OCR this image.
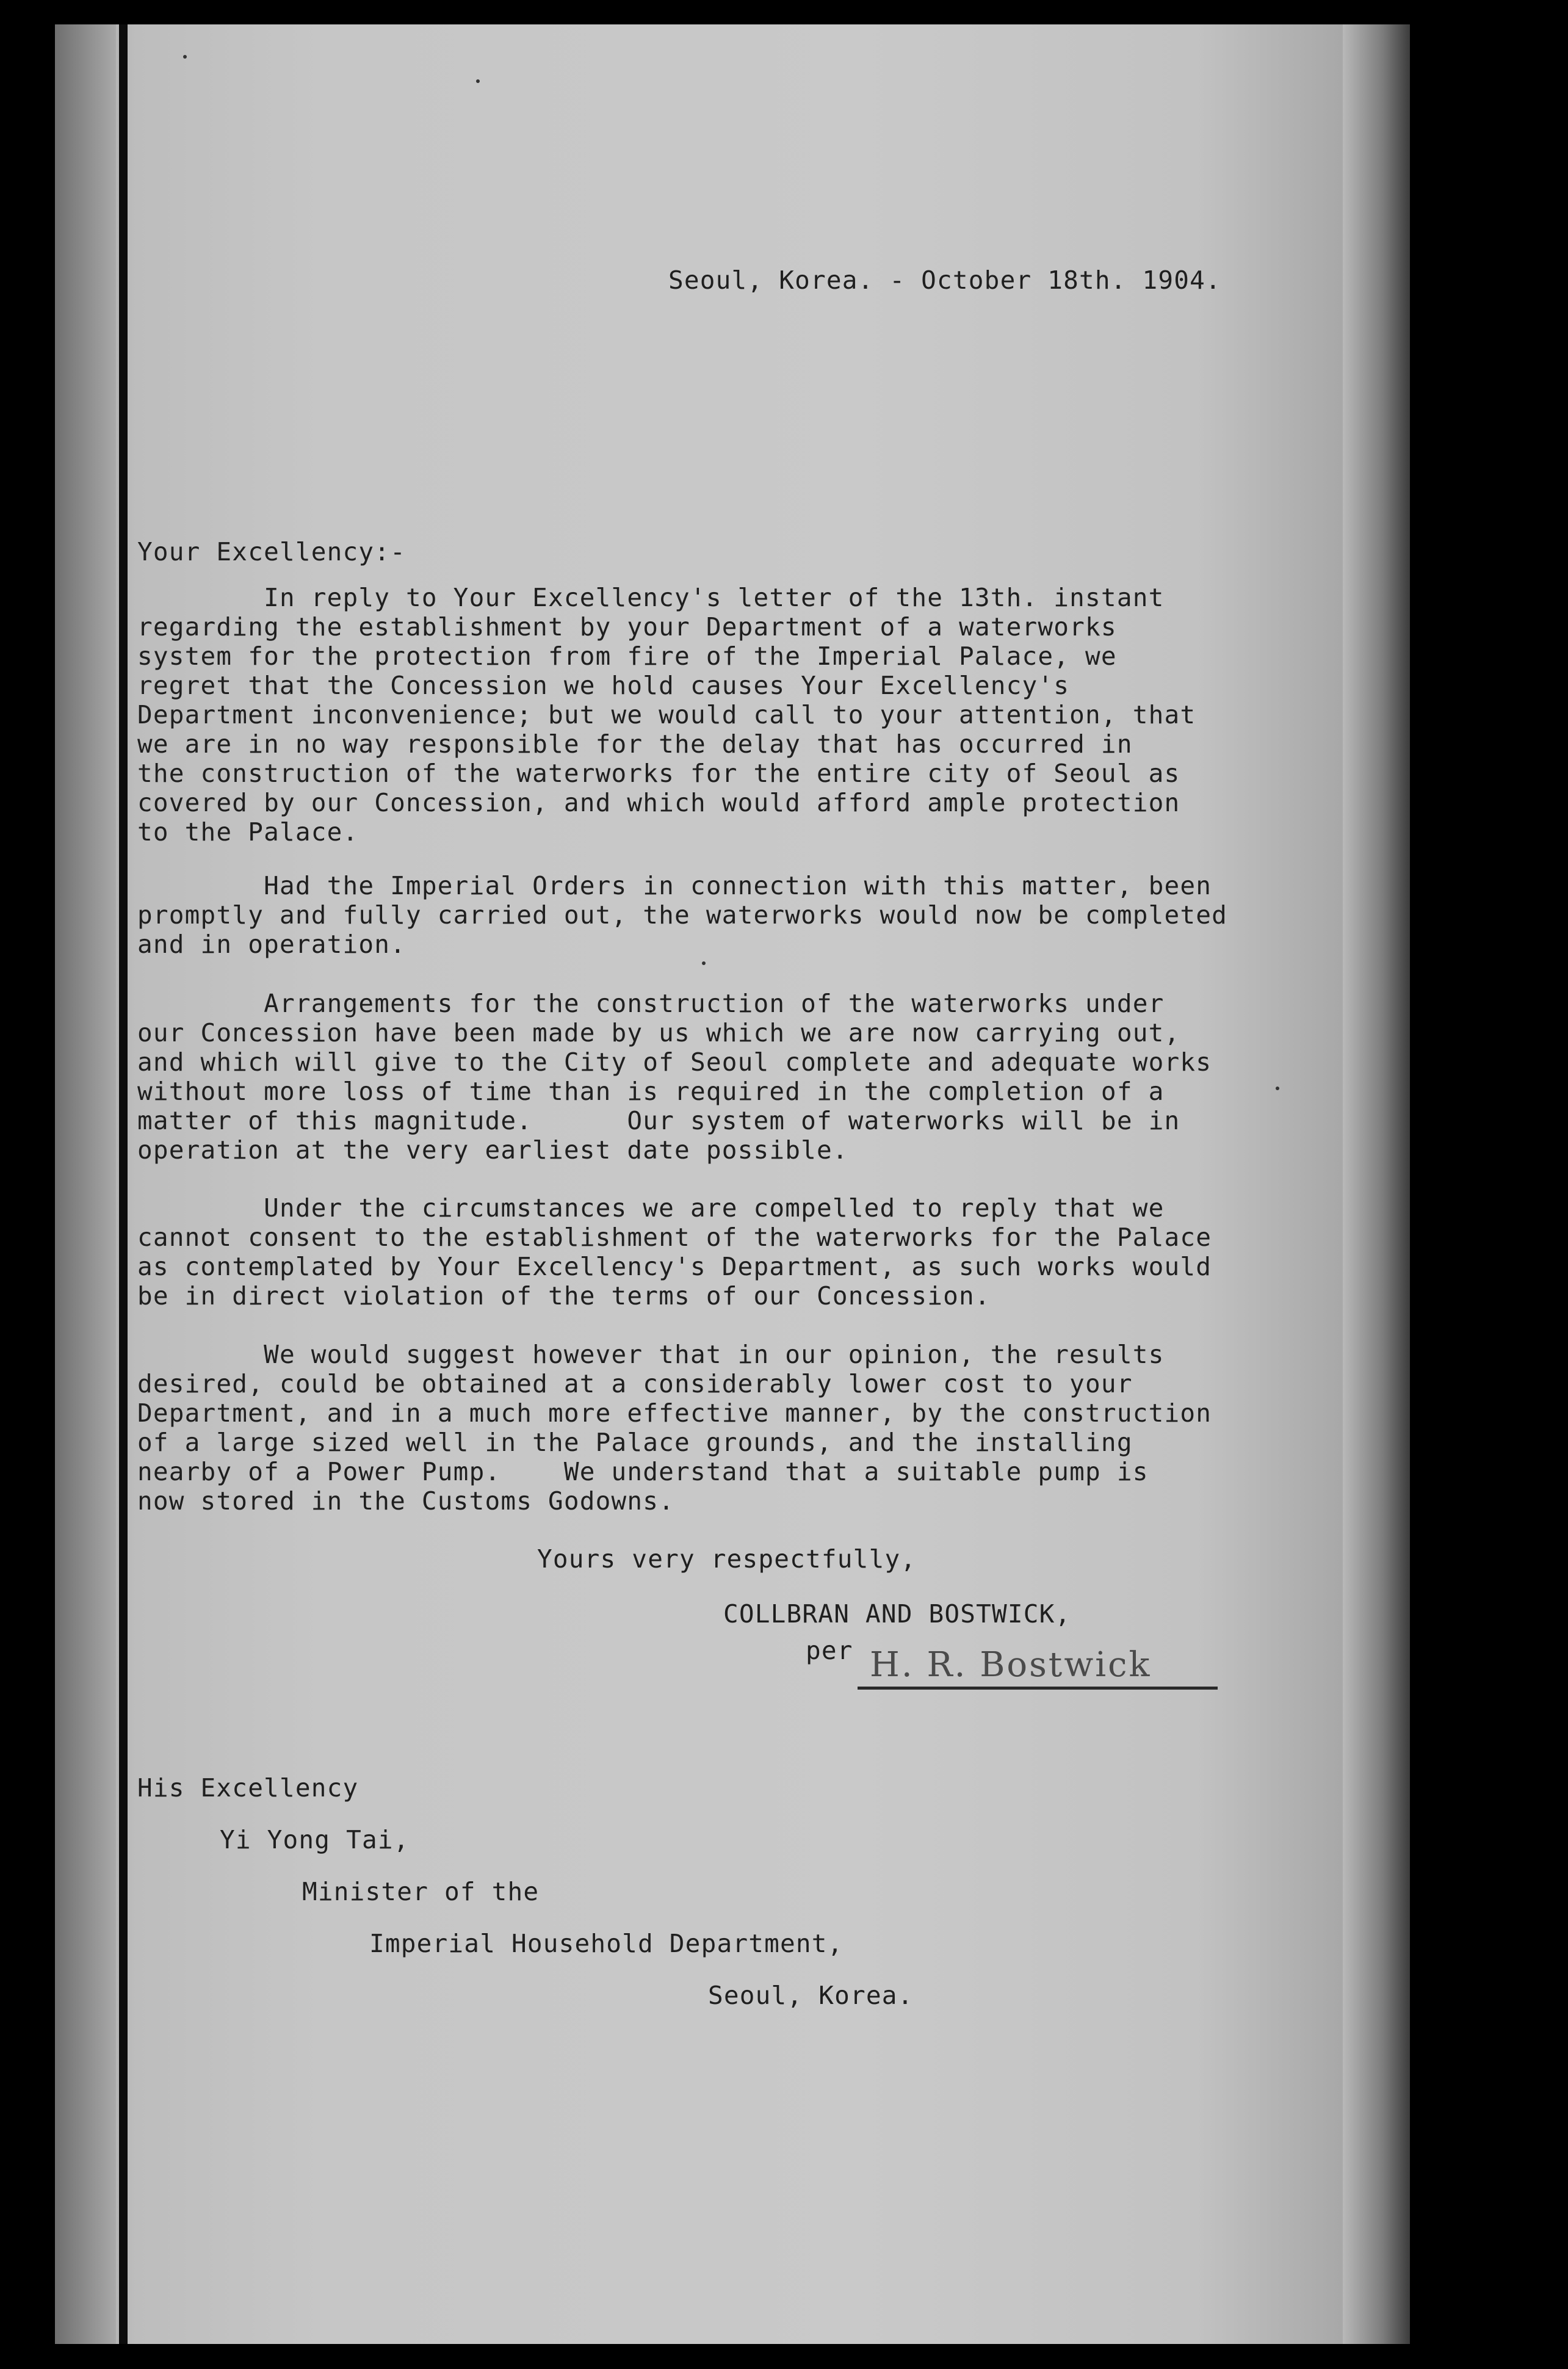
Seoul, Korea. - October 18th. 1904.
Your Excellency:-
In reply to Your Excellency's letter of the 13th. instant
regarding the establishment by your Department of a waterworks
system for the protection from fire of the Imperial Palace, we
regret that the Concession we hold causes Your Excellency's
Department inconvenience; but we would call to your attention, that
we are in no way responsible for the delay that has occurred in
the construction of the waterworks for the entire city of Seoul as
covered by our Concession, and which would afford ample protection
to the Palace.
Had the Imperial Orders in connection with this matter, been
promptly and fully carried out, the waterworks would now be completed
and in operation.
Arrangements for the construction of the waterworks under
our Concession have been made by us which we are now carrying out,
and which will give to the City of Seoul complete and adequate works
without more loss of time than is required in the completion of a
matter of this magnitude.      Our system of waterworks will be in
operation at the very earliest date possible.
Under the circumstances we are compelled to reply that we
cannot consent to the establishment of the waterworks for the Palace
as contemplated by Your Excellency's Department, as such works would
be in direct violation of the terms of our Concession.
We would suggest however that in our opinion, the results
desired, could be obtained at a considerably lower cost to your
Department, and in a much more effective manner, by the construction
of a large sized well in the Palace grounds, and the installing
nearby of a Power Pump.    We understand that a suitable pump is
now stored in the Customs Godowns.
Yours very respectfully,
COLLBRAN AND BOSTWICK,
per H. R. Bostwick
His Excellency
Yi Yong Tai,
Minister of the
Imperial Household Department,
Seoul, Korea.
